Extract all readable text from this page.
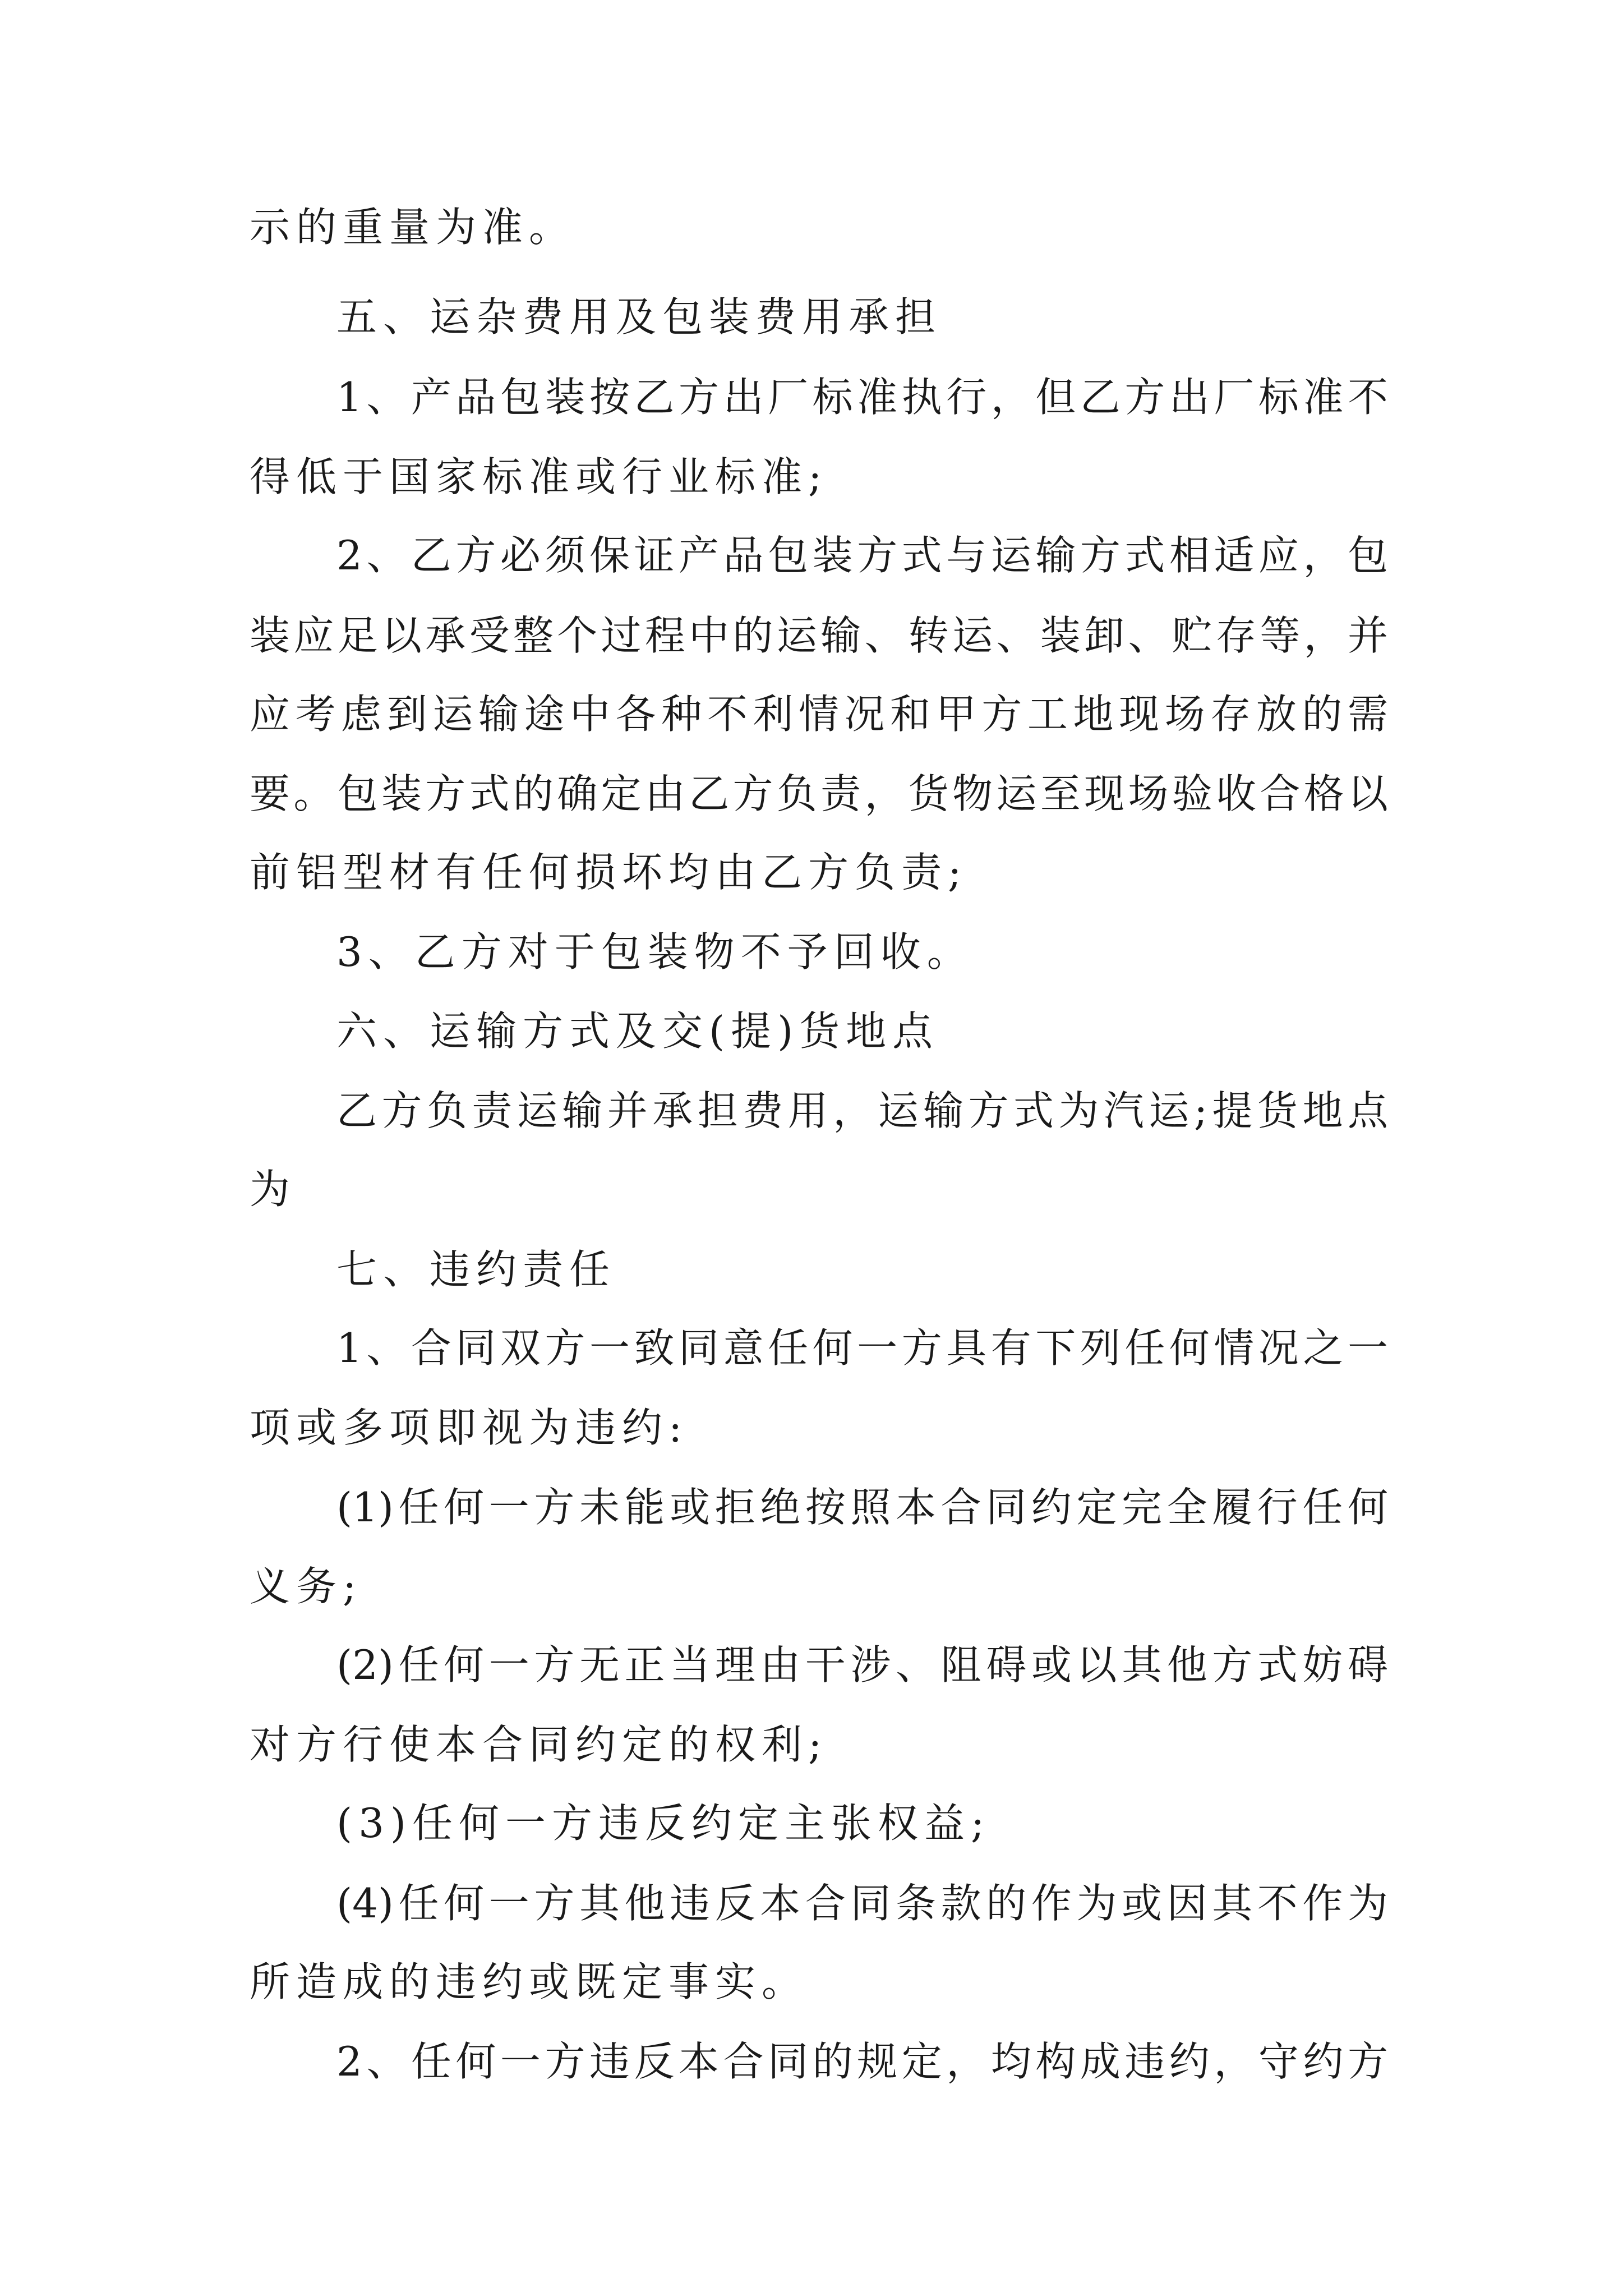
示的重量为准。
五、运杂费用及包装费用承担
1、产品包装按乙方出厂标准执行，但乙方出厂标准不
得低于国家标准或行业标准;
2、乙方必须保证产品包装方式与运输方式相适应，包
装应足以承受整个过程中的运输、转运、装卸、贮存等，并
应考虑到运输途中各种不利情况和甲方工地现场存放的需
要。包装方式的确定由乙方负责，货物运至现场验收合格以
前铝型材有任何损坏均由乙方负责;
3、乙方对于包装物不予回收。
六、运输方式及交(提)货地点
乙方负责运输并承担费用，运输方式为汽运;提货地点
为
七、违约责任
1、合同双方一致同意任何一方具有下列任何情况之一
项或多项即视为违约:
(1)任何一方未能或拒绝按照本合同约定完全履行任何
义务;
(2)任何一方无正当理由干涉、阻碍或以其他方式妨碍
对方行使本合同约定的权利;
(3)任何一方违反约定主张权益;
(4)任何一方其他违反本合同条款的作为或因其不作为
所造成的违约或既定事实。
2、任何一方违反本合同的规定，均构成违约，守约方
